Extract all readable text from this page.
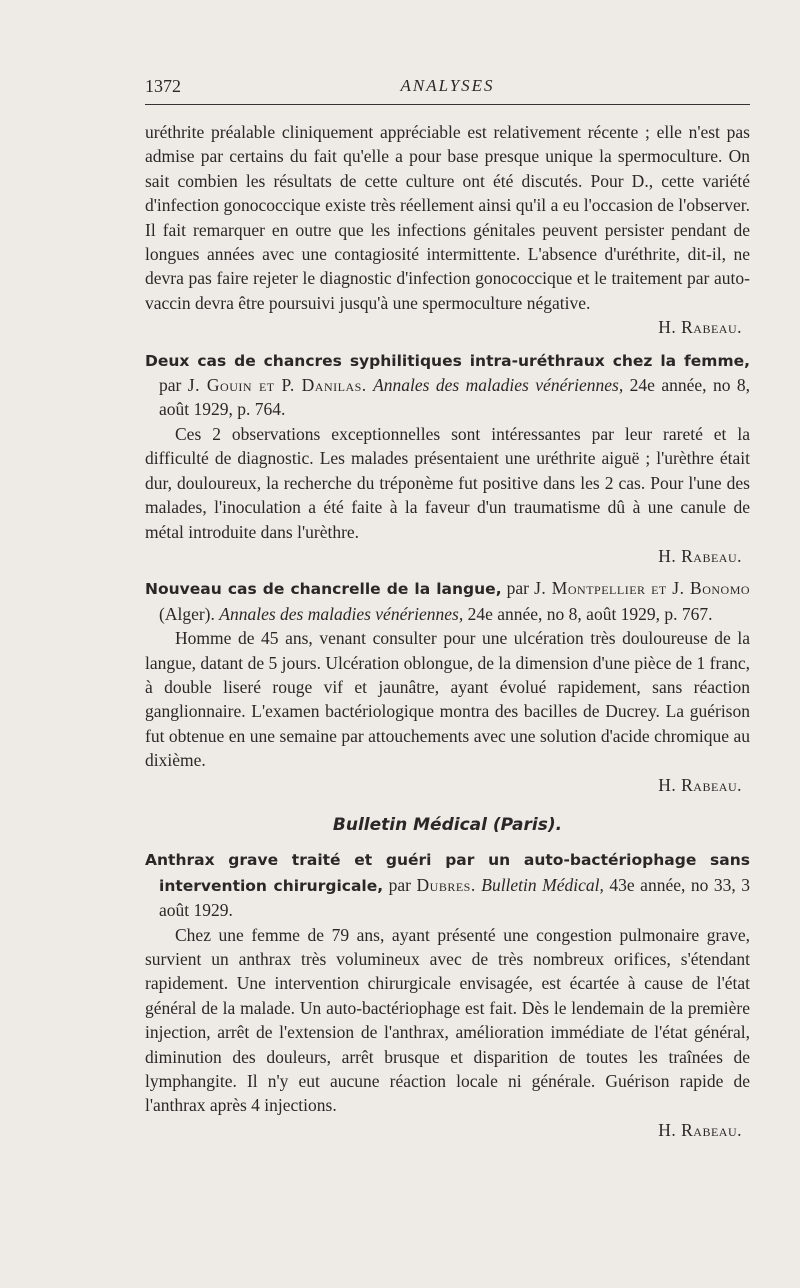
1372	ANALYSES

uréthrite préalable cliniquement appréciable est relativement récente ; elle n'est pas admise par certains du fait qu'elle a pour base presque unique la spermoculture. On sait combien les résultats de cette culture ont été discutés. Pour D., cette variété d'infection gonococcique existe très réellement ainsi qu'il a eu l'occasion de l'observer. Il fait remarquer en outre que les infections génitales peuvent persister pendant de longues années avec une contagiosité intermittente. L'absence d'uréthrite, dit-il, ne devra pas faire rejeter le diagnostic d'infection gonococcique et le traitement par auto-vaccin devra être poursuivi jusqu'à une spermoculture négative.

H. Rabeau.

Deux cas de chancres syphilitiques intra-uréthraux chez la femme, par J. Gouin et P. Danilas. Annales des maladies vénériennes, 24e année, no 8, août 1929, p. 764.

Ces 2 observations exceptionnelles sont intéressantes par leur rareté et la difficulté de diagnostic. Les malades présentaient une uréthrite aiguë ; l'urèthre était dur, douloureux, la recherche du tréponème fut positive dans les 2 cas. Pour l'une des malades, l'inoculation a été faite à la faveur d'un traumatisme dû à une canule de métal introduite dans l'urèthre.

H. Rabeau.

Nouveau cas de chancrelle de la langue, par J. Montpellier et J. Bonomo (Alger). Annales des maladies vénériennes, 24e année, no 8, août 1929, p. 767.

Homme de 45 ans, venant consulter pour une ulcération très douloureuse de la langue, datant de 5 jours. Ulcération oblongue, de la dimension d'une pièce de 1 franc, à double liseré rouge vif et jaunâtre, ayant évolué rapidement, sans réaction ganglionnaire. L'examen bactériologique montra des bacilles de Ducrey. La guérison fut obtenue en une semaine par attouchements avec une solution d'acide chromique au dixième.

H. Rabeau.

Bulletin Médical (Paris).

Anthrax grave traité et guéri par un auto-bactériophage sans intervention chirurgicale, par Dubres. Bulletin Médical, 43e année, no 33, 3 août 1929.

Chez une femme de 79 ans, ayant présenté une congestion pulmonaire grave, survient un anthrax très volumineux avec de très nombreux orifices, s'étendant rapidement. Une intervention chirurgicale envisagée, est écartée à cause de l'état général de la malade. Un auto-bactériophage est fait. Dès le lendemain de la première injection, arrêt de l'extension de l'anthrax, amélioration immédiate de l'état général, diminution des douleurs, arrêt brusque et disparition de toutes les traînées de lymphangite. Il n'y eut aucune réaction locale ni générale. Guérison rapide de l'anthrax après 4 injections.

H. Rabeau.
